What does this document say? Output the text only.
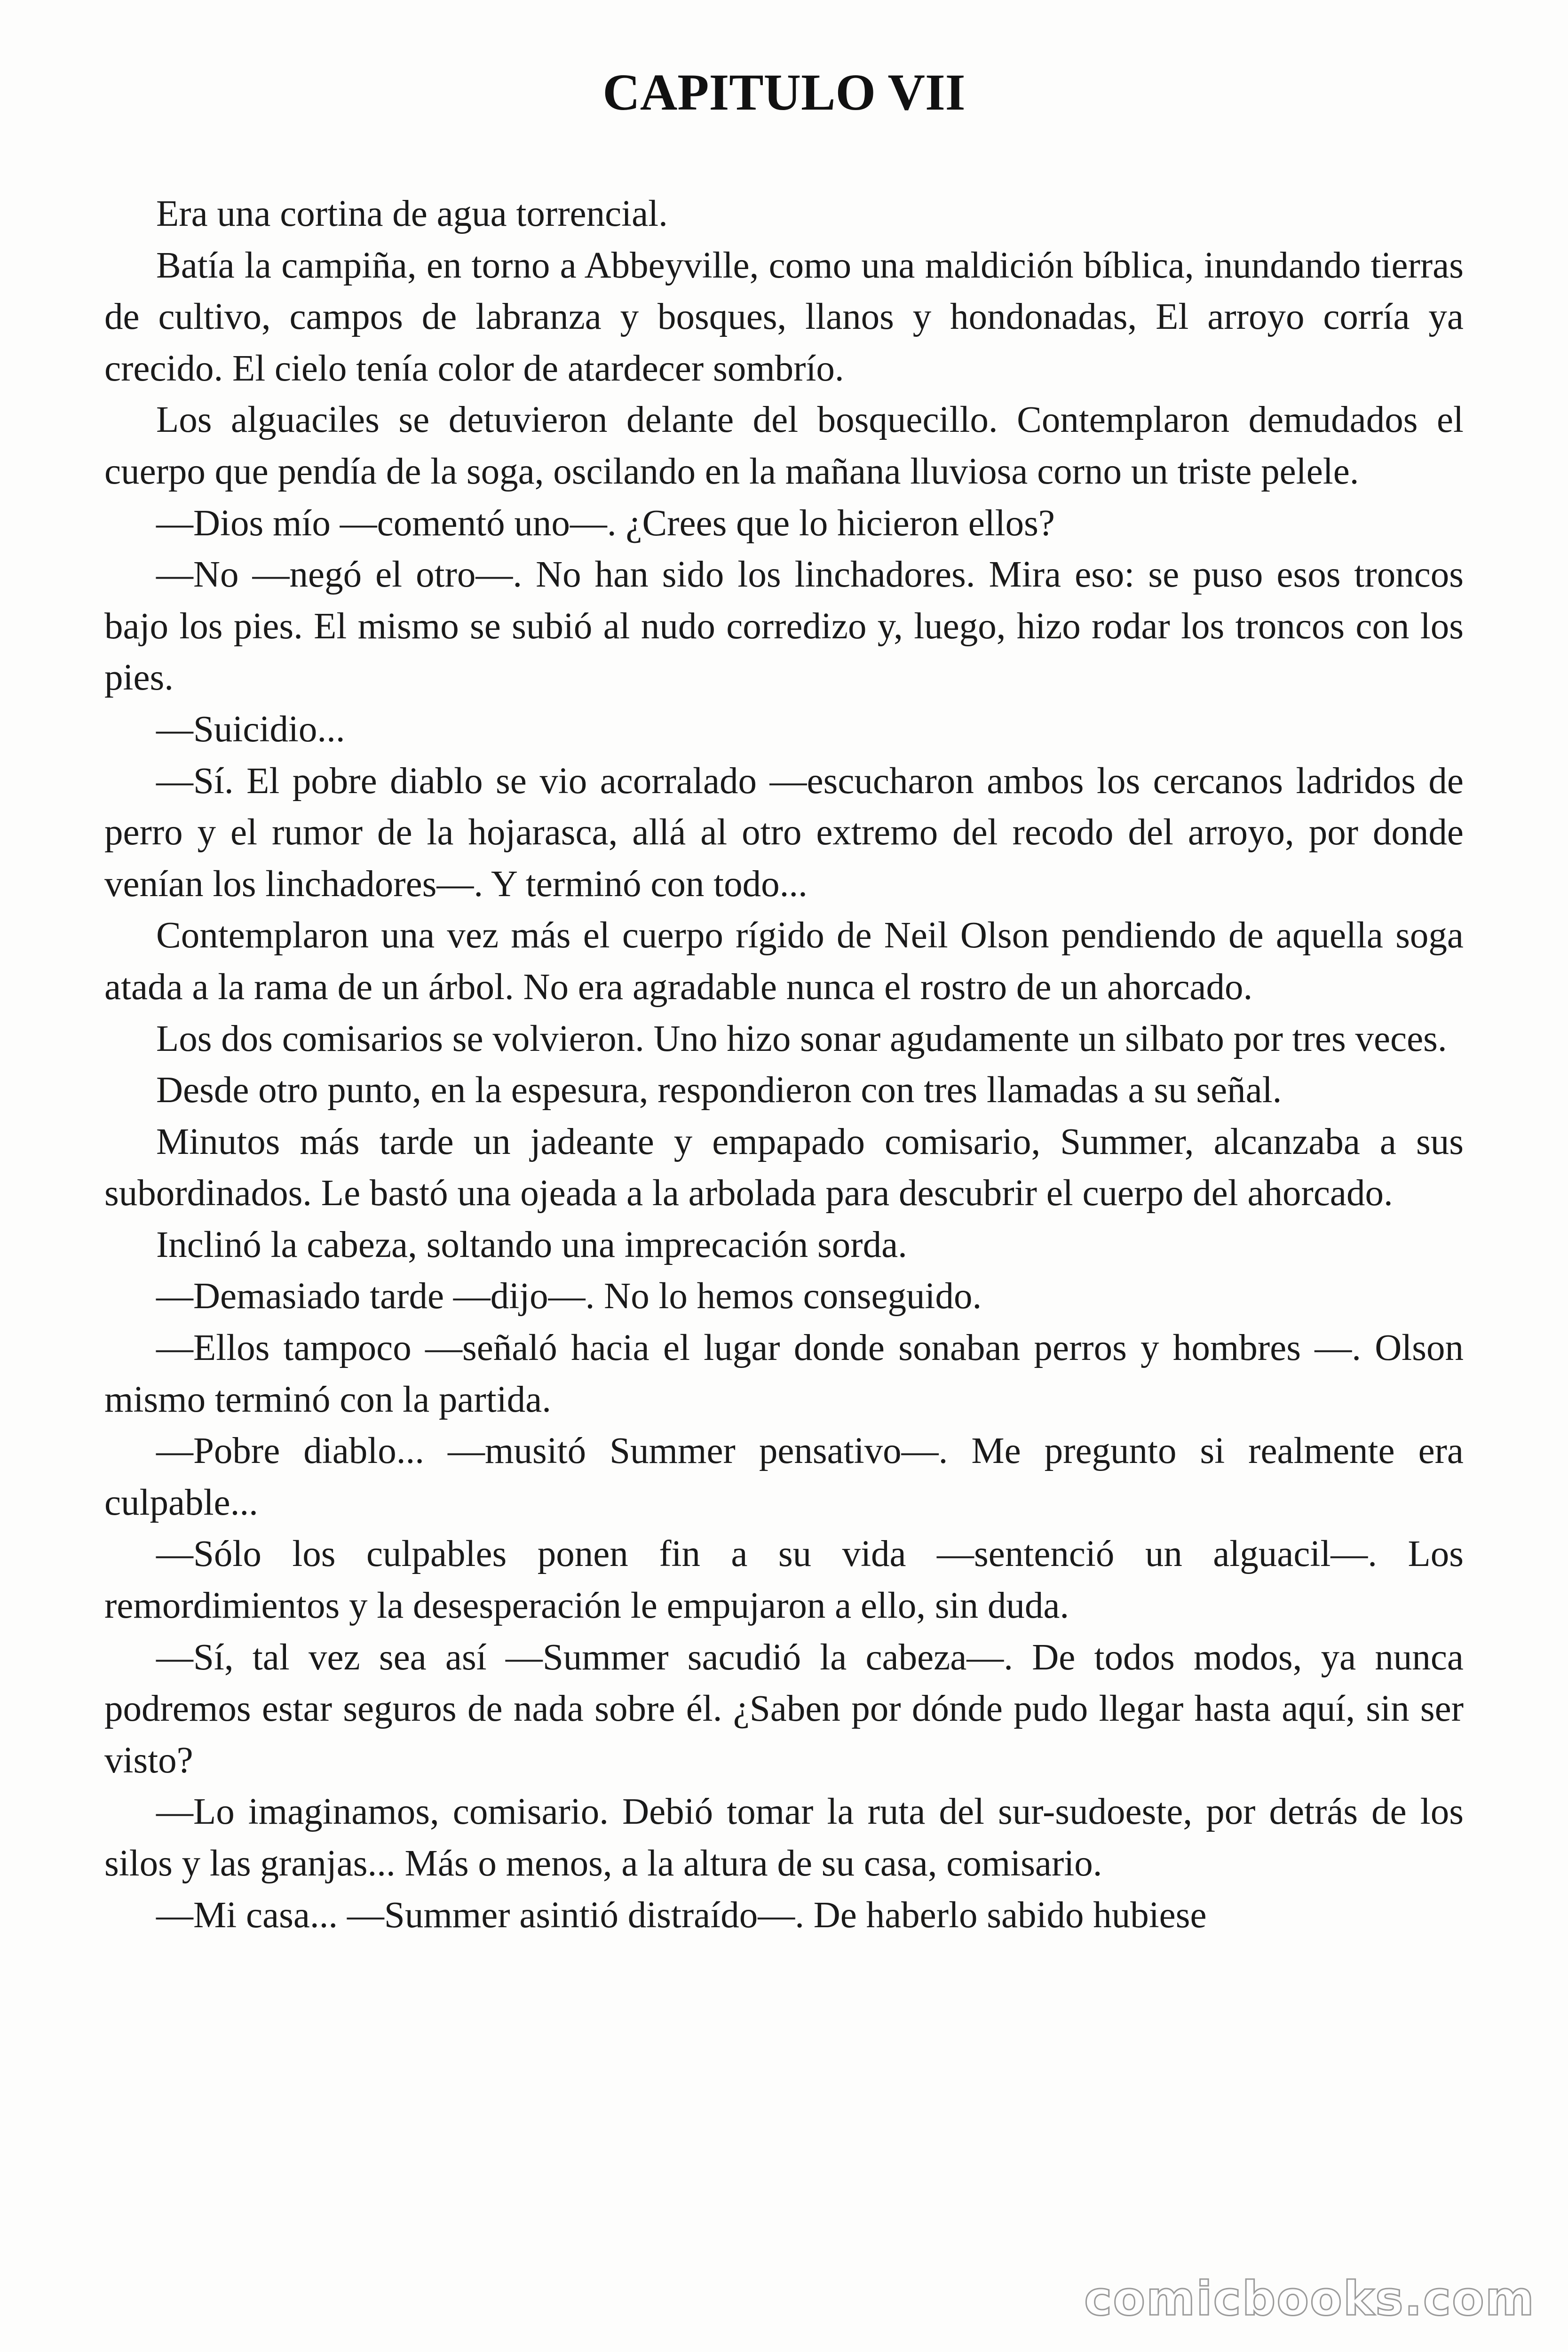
CAPITULO VII

Era una cortina de agua torrencial.

Batía la campiña, en torno a Abbeyville, como una maldición bíblica, inundando tierras de cultivo, campos de labranza y bosques, llanos y hondonadas, El arroyo corría ya crecido. El cielo tenía color de atardecer sombrío.

Los alguaciles se detuvieron delante del bosquecillo. Contemplaron demudados el cuerpo que pendía de la soga, oscilando en la mañana lluviosa corno un triste pelele.

—Dios mío —comentó uno—. ¿Crees que lo hicieron ellos?

—No —negó el otro—. No han sido los linchadores. Mira eso: se puso esos troncos bajo los pies. El mismo se subió al nudo corredizo y, luego, hizo rodar los troncos con los pies.

—Suicidio...

—Sí. El pobre diablo se vio acorralado —escucharon ambos los cercanos ladridos de perro y el rumor de la hojarasca, allá al otro extremo del recodo del arroyo, por donde venían los linchadores—. Y terminó con todo...

Contemplaron una vez más el cuerpo rígido de Neil Olson pendiendo de aquella soga atada a la rama de un árbol. No era agradable nunca el rostro de un ahorcado.

Los dos comisarios se volvieron. Uno hizo sonar agudamente un silbato por tres veces.

Desde otro punto, en la espesura, respondieron con tres llamadas a su señal.

Minutos más tarde un jadeante y empapado comisario, Summer, alcanzaba a sus subordinados. Le bastó una ojeada a la arbolada para descubrir el cuerpo del ahorcado.

Inclinó la cabeza, soltando una imprecación sorda.

—Demasiado tarde —dijo—. No lo hemos conseguido.

—Ellos tampoco —señaló hacia el lugar donde sonaban perros y hombres —. Olson mismo terminó con la partida.

—Pobre diablo... —musitó Summer pensativo—. Me pregunto si realmente era culpable...

—Sólo los culpables ponen fin a su vida —sentenció un alguacil—. Los remordimientos y la desesperación le empujaron a ello, sin duda.

—Sí, tal vez sea así —Summer sacudió la cabeza—. De todos modos, ya nunca podremos estar seguros de nada sobre él. ¿Saben por dónde pudo llegar hasta aquí, sin ser visto?

—Lo imaginamos, comisario. Debió tomar la ruta del sur-sudoeste, por detrás de los silos y las granjas... Más o menos, a la altura de su casa, comisario.

—Mi casa... —Summer asintió distraído—. De haberlo sabido hubiese

comicbooks.com
